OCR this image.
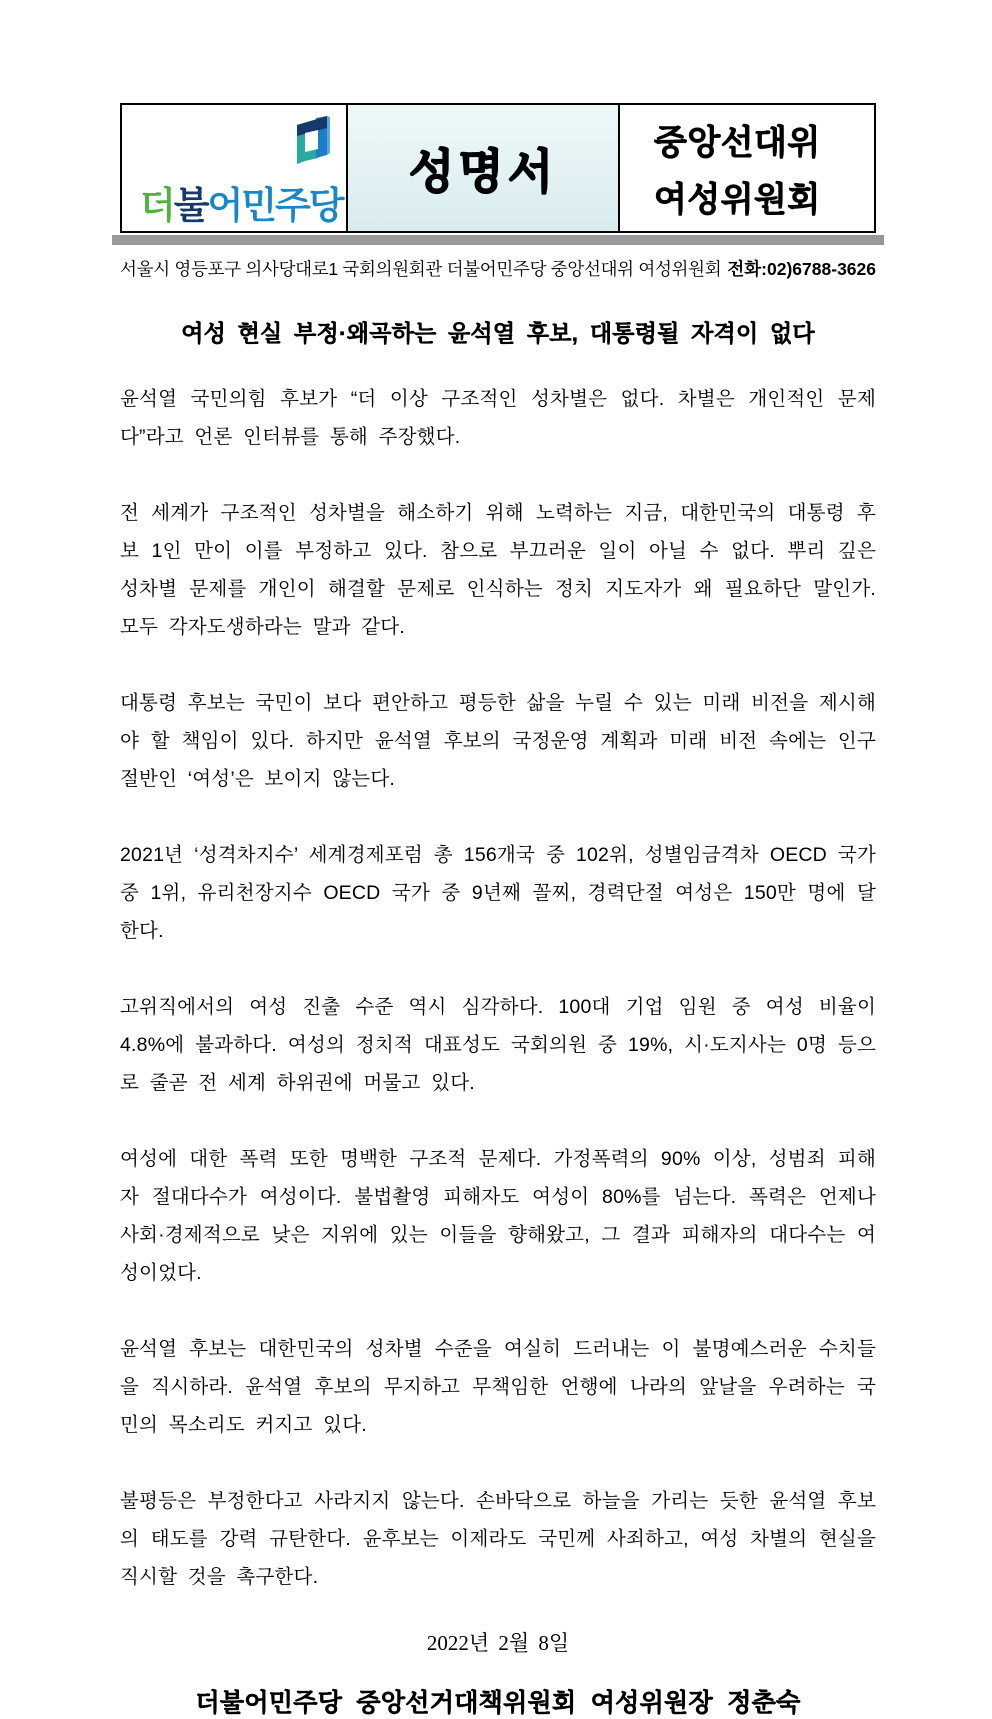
더불어민주당
성명서
중앙선대위
여성위원회
서울시 영등포구 의사당대로1 국회의원회관 더불어민주당 중앙선대위 여성위원회 전화:02)6788-3626
여성 현실 부정·왜곡하는 윤석열 후보, 대통령될 자격이 없다

윤석열 국민의힘 후보가 “더 이상 구조적인 성차별은 없다. 차별은 개인적인 문제다”라고 언론 인터뷰를 통해 주장했다.

전 세계가 구조적인 성차별을 해소하기 위해 노력하는 지금, 대한민국의 대통령 후보 1인 만이 이를 부정하고 있다. 참으로 부끄러운 일이 아닐 수 없다. 뿌리 깊은 성차별 문제를 개인이 해결할 문제로 인식하는 정치 지도자가 왜 필요하단 말인가. 모두 각자도생하라는 말과 같다.

대통령 후보는 국민이 보다 편안하고 평등한 삶을 누릴 수 있는 미래 비전을 제시해야 할 책임이 있다. 하지만 윤석열 후보의 국정운영 계획과 미래 비전 속에는 인구 절반인 ‘여성’은 보이지 않는다.

2021년 ‘성격차지수’ 세계경제포럼 총 156개국 중 102위, 성별임금격차 OECD 국가 중 1위, 유리천장지수 OECD 국가 중 9년째 꼴찌, 경력단절 여성은 150만 명에 달한다.

고위직에서의 여성 진출 수준 역시 심각하다. 100대 기업 임원 중 여성 비율이 4.8%에 불과하다. 여성의 정치적 대표성도 국회의원 중 19%, 시·도지사는 0명 등으로 줄곧 전 세계 하위권에 머물고 있다.

여성에 대한 폭력 또한 명백한 구조적 문제다. 가정폭력의 90% 이상, 성범죄 피해자 절대다수가 여성이다. 불법촬영 피해자도 여성이 80%를 넘는다. 폭력은 언제나 사회·경제적으로 낮은 지위에 있는 이들을 향해왔고, 그 결과 피해자의 대다수는 여성이었다.

윤석열 후보는 대한민국의 성차별 수준을 여실히 드러내는 이 불명예스러운 수치들을 직시하라. 윤석열 후보의 무지하고 무책임한 언행에 나라의 앞날을 우려하는 국민의 목소리도 커지고 있다.

불평등은 부정한다고 사라지지 않는다. 손바닥으로 하늘을 가리는 듯한 윤석열 후보의 태도를 강력 규탄한다. 윤후보는 이제라도 국민께 사죄하고, 여성 차별의 현실을 직시할 것을 촉구한다.

2022년 2월 8일
더불어민주당 중앙선거대책위원회 여성위원장 정춘숙
